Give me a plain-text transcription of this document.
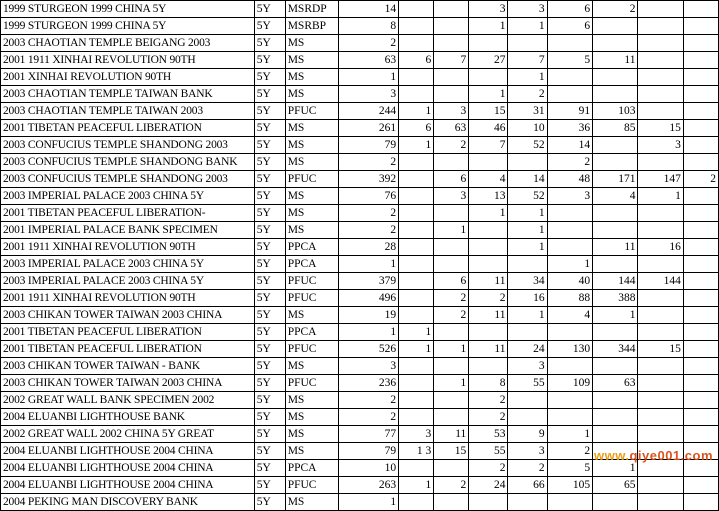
1999 STURGEON 1999 CHINA 5Y	5Y	MSRDP	14			3	3	6	2		
1999 STURGEON 1999 CHINA 5Y	5Y	MSRBP	8			1	1	6			
2003 CHAOTIAN TEMPLE BEIGANG 2003	5Y	MS	2								
2001 1911 XINHAI REVOLUTION 90TH	5Y	MS	63	6	7	27	7	5	11		
2001 XINHAI REVOLUTION 90TH	5Y	MS	1				1				
2003 CHAOTIAN TEMPLE TAIWAN BANK	5Y	MS	3			1	2				
2003 CHAOTIAN TEMPLE TAIWAN 2003	5Y	PFUC	244	1	3	15	31	91	103		
2001 TIBETAN PEACEFUL LIBERATION	5Y	MS	261	6	63	46	10	36	85	15	
2003 CONFUCIUS TEMPLE SHANDONG 2003	5Y	MS	79	1	2	7	52	14		3	
2003 CONFUCIUS TEMPLE SHANDONG BANK	5Y	MS	2					2			
2003 CONFUCIUS TEMPLE SHANDONG 2003	5Y	PFUC	392		6	4	14	48	171	147	2
2003 IMPERIAL PALACE 2003 CHINA 5Y	5Y	MS	76		3	13	52	3	4	1	
2001 TIBETAN PEACEFUL LIBERATION-	5Y	MS	2			1	1				
2001 IMPERIAL PALACE BANK SPECIMEN	5Y	MS	2		1		1				
2001 1911 XINHAI REVOLUTION 90TH	5Y	PPCA	28				1		11	16	
2003 IMPERIAL PALACE 2003 CHINA 5Y	5Y	PPCA	1					1			
2003 IMPERIAL PALACE 2003 CHINA 5Y	5Y	PFUC	379		6	11	34	40	144	144	
2001 1911 XINHAI REVOLUTION 90TH	5Y	PFUC	496		2	2	16	88	388		
2003 CHIKAN TOWER TAIWAN 2003 CHINA	5Y	MS	19		2	11	1	4	1		
2001 TIBETAN PEACEFUL LIBERATION	5Y	PPCA	1	1							
2001 TIBETAN PEACEFUL LIBERATION	5Y	PFUC	526	1	1	11	24	130	344	15	
2003 CHIKAN TOWER TAIWAN - BANK	5Y	MS	3				3				
2003 CHIKAN TOWER TAIWAN 2003 CHINA	5Y	PFUC	236		1	8	55	109	63		
2002 GREAT WALL BANK SPECIMEN 2002	5Y	MS	2			2					
2004 ELUANBI LIGHTHOUSE BANK	5Y	MS	2			2					
2002 GREAT WALL 2002 CHINA 5Y GREAT	5Y	MS	77	3	11	53	9	1			
2004 ELUANBI LIGHTHOUSE 2004 CHINA	5Y	MS	79	1 3	15	55	3	2			
2004 ELUANBI LIGHTHOUSE 2004 CHINA	5Y	PPCA	10			2	2	5	1		
2004 ELUANBI LIGHTHOUSE 2004 CHINA	5Y	PFUC	263	1	2	24	66	105	65		
2004 PEKING MAN DISCOVERY BANK	5Y	MS	1								
www.qiye001.com
